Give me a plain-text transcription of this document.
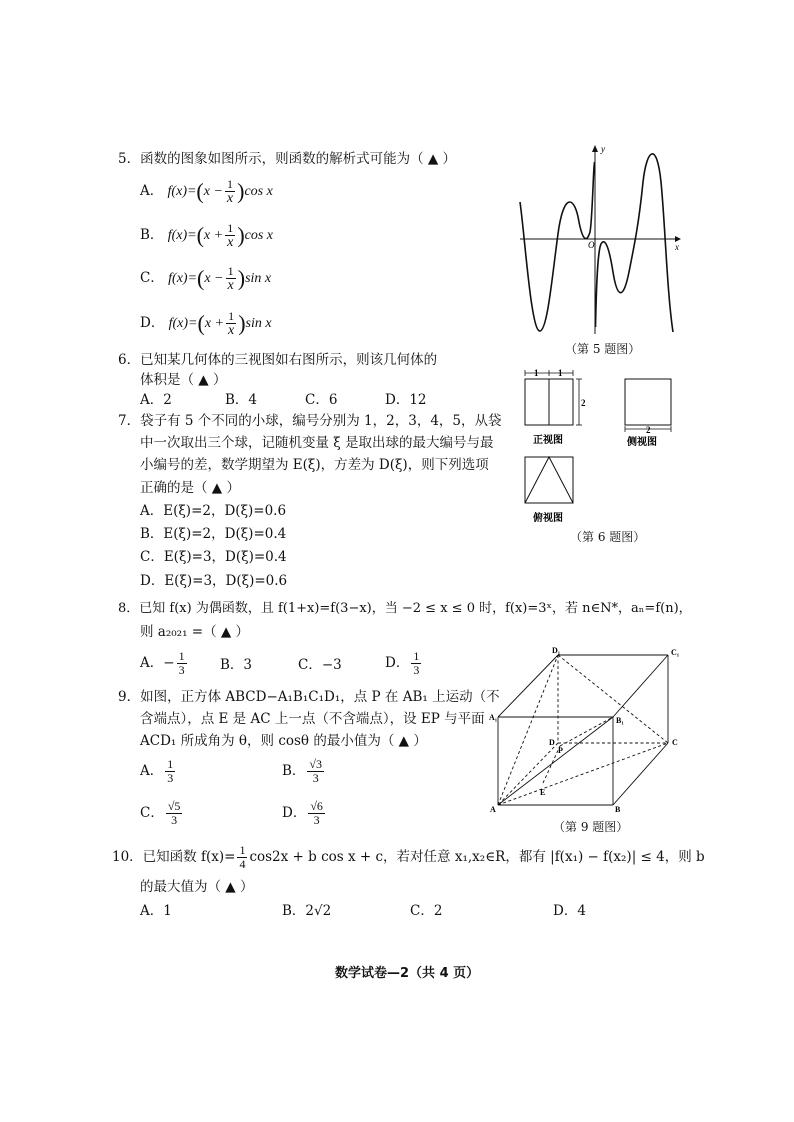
5．函数的图象如图所示，则函数的解析式可能为（ ▲ ）
A． $f(x)=(x - \frac{1}{x} )\cos$ x
B． $f(x)=(x + \frac{1}{x} )\cos$ x
C． $f(x)=(x - \frac{1}{x} )\sin$ x
D． $f(x)=(x + \frac{1}{x} )\sin$ x
y
x
O
（第 5 题图）
6．已知某几何体的三视图如右图所示，则该几何体的
体积是（ ▲ ）
A．2	B．4	C．6	D．12
1 1
2
正视图
2
侧视图
俯视图
（第 6 题图）
7．袋子有 5 个不同的小球，编号分别为 1，2，3，4，5，从袋
中一次取出三个球，记随机变量 ξ 是取出球的最大编号与最
小编号的差，数学期望为 E(ξ)，方差为 D(ξ)，则下列选项
正确的是（ ▲ ）
A．E(ξ)=2，D(ξ)=0.6
B．E(ξ)=2，D(ξ)=0.4
C．E(ξ)=3，D(ξ)=0.4
D．E(ξ)=3，D(ξ)=0.6
8．已知 f(x) 为偶函数，且 f(1+x)=f(3−x)，当 −2 ≤ x ≤ 0 时，f(x)=3ˣ，若 n∈N*，aₙ=f(n)，
则 a₂₀₂₁ =（ ▲ ）
A．− $\frac{1}{3}$ B．3	C．−3	D． $\frac{1}{3}$
9．如图，正方体 ABCD−A₁B₁C₁D₁，点 P 在 AB₁ 上运动（不
含端点），点 E 是 AC 上一点（不含端点），设 EP 与平面
ACD₁ 所成角为 θ，则 cosθ 的最小值为（ ▲ ）
A． $\frac{1}{3}$	B． $\frac{√3}{3}$
C． $\frac{√5}{3}$	D． $\frac{√6}{3}$
D₁	C₁
A₁	B₁
D	C
P
E
A	B
（第 9 题图）
10．已知函数 $f(x)= \frac{1}{4} \cos 2x + b$ cos x + c，若对任意 x₁,x₂∈R，都有 |f(x₁) − f(x₂)| ≤ 4，则 b
的最大值为（ ▲ ）
A．1	B．2√2	C．2	D．4
数学试卷—2（共 4 页）
